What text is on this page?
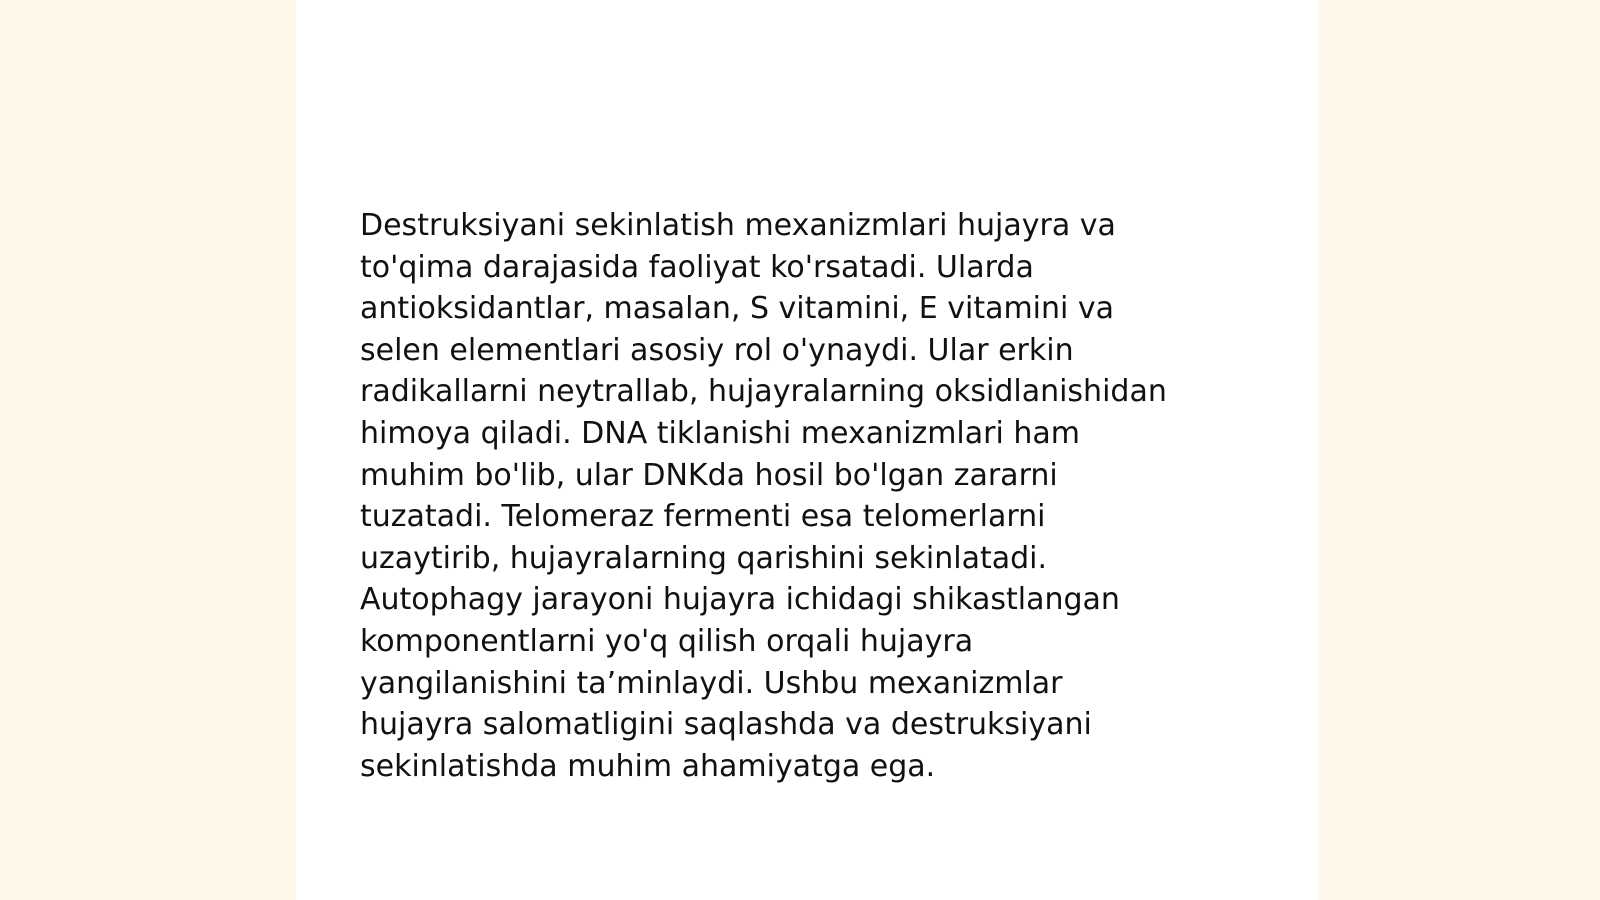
Destruksiyani sekinlatish mexanizmlari hujayra va
to'qima darajasida faoliyat ko'rsatadi. Ularda
antioksidantlar, masalan, S vitamini, E vitamini va
selen elementlari asosiy rol o'ynaydi. Ular erkin
radikallarni neytrallab, hujayralarning oksidlanishidan
himoya qiladi. DNA tiklanishi mexanizmlari ham
muhim bo'lib, ular DNKda hosil bo'lgan zararni
tuzatadi. Telomeraz fermenti esa telomerlarni
uzaytirib, hujayralarning qarishini sekinlatadi.
Autophagy jarayoni hujayra ichidagi shikastlangan
komponentlarni yo'q qilish orqali hujayra
yangilanishini ta’minlaydi. Ushbu mexanizmlar
hujayra salomatligini saqlashda va destruksiyani
sekinlatishda muhim ahamiyatga ega.
